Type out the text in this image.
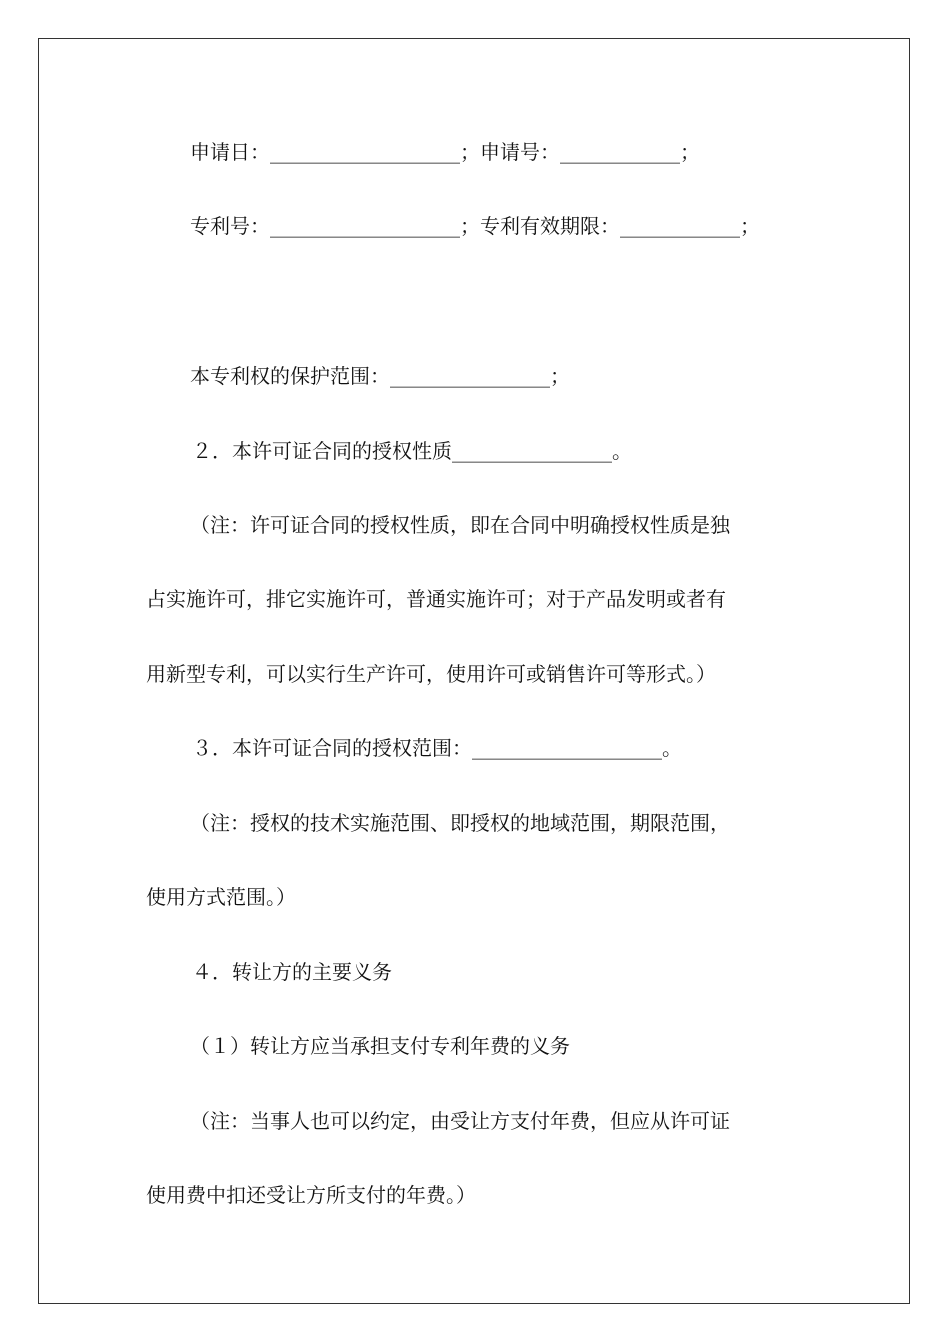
申请日：___________________；申请号：____________；
专利号：___________________；专利有效期限：____________；
本专利权的保护范围：________________；
２．本许可证合同的授权性质________________。
（注：许可证合同的授权性质，即在合同中明确授权性质是独
占实施许可，排它实施许可，普通实施许可；对于产品发明或者有
用新型专利，可以实行生产许可，使用许可或销售许可等形式。）
３．本许可证合同的授权范围：___________________。
（注：授权的技术实施范围、即授权的地域范围，期限范围，
使用方式范围。）
４．转让方的主要义务
（１）转让方应当承担支付专利年费的义务
（注：当事人也可以约定，由受让方支付年费，但应从许可证
使用费中扣还受让方所支付的年费。）
